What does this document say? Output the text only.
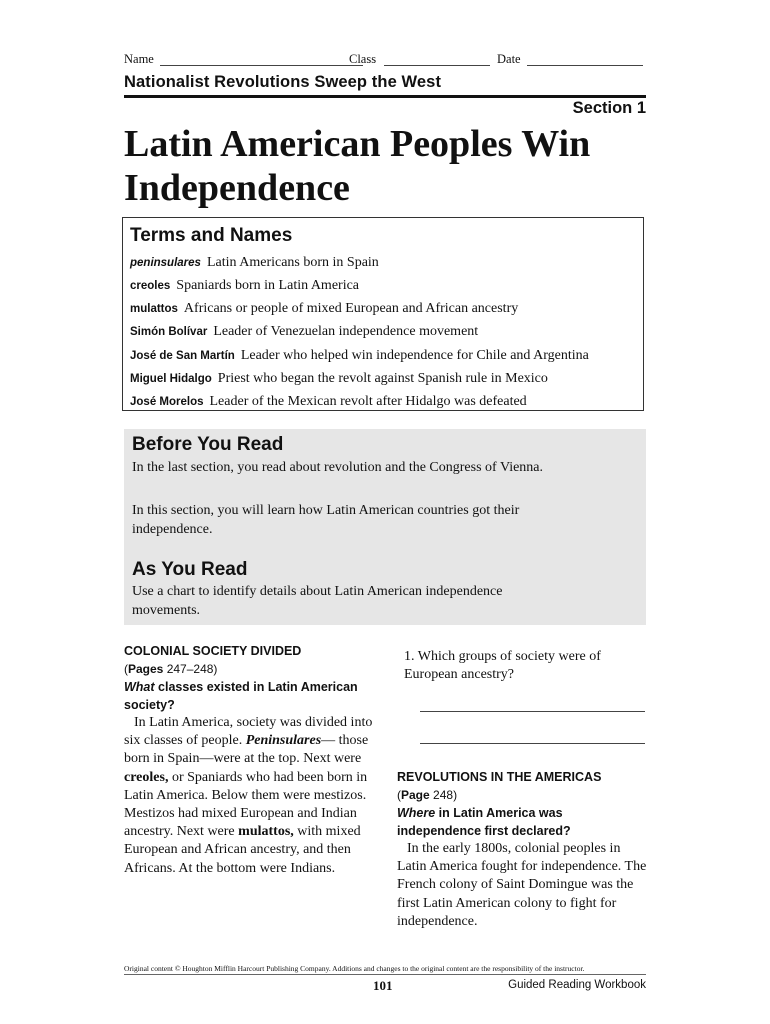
Name	Class	Date
Nationalist Revolutions Sweep the West
Section 1
Latin American Peoples Win
Independence
Terms and Names
peninsulares Latin Americans born in Spain
creoles Spaniards born in Latin America
mulattos Africans or people of mixed European and African ancestry
Simón Bolívar Leader of Venezuelan independence movement
José de San Martín Leader who helped win independence for Chile and Argentina
Miguel Hidalgo Priest who began the revolt against Spanish rule in Mexico
José Morelos Leader of the Mexican revolt after Hidalgo was defeated
Before You Read
In the last section, you read about revolution and the Congress of Vienna.
In this section, you will learn how Latin American countries got their independence.
As You Read
Use a chart to identify details about Latin American independence movements.
COLONIAL SOCIETY DIVIDED
(Pages 247–248)
What classes existed in Latin American society?

In Latin America, society was divided into six classes of people. Peninsulares— those born in Spain—were at the top. Next were creoles, or Spaniards who had been born in Latin America. Below them were mestizos. Mestizos had mixed European and Indian ancestry. Next were mulattos, with mixed European and African ancestry, and then Africans. At the bottom were Indians.

1. Which groups of society were of European ancestry?
REVOLUTIONS IN THE AMERICAS
(Page 248)
Where in Latin America was independence first declared?

In the early 1800s, colonial peoples in Latin America fought for independence. The French colony of Saint Domingue was the first Latin American colony to fight for independence.

Original content © Houghton Mifflin Harcourt Publishing Company. Additions and changes to the original content are the responsibility of the instructor.
101	Guided Reading Workbook
